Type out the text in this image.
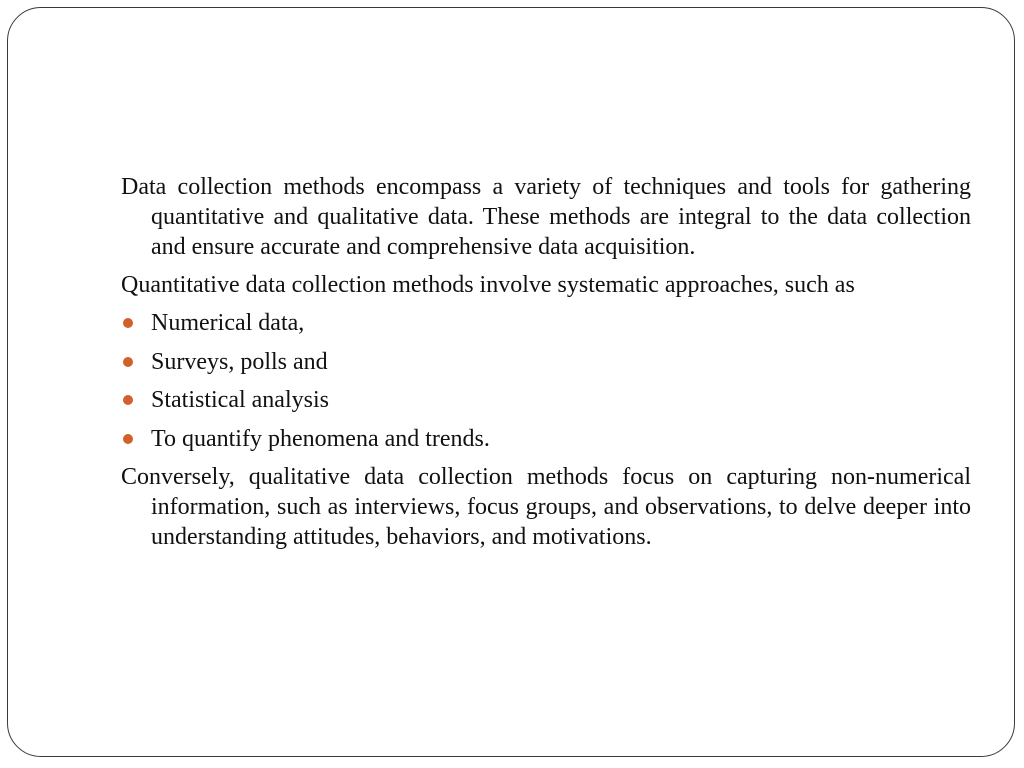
Data collection methods encompass a variety of techniques and tools for gathering quantitative and qualitative data. These methods are integral to the data collection and ensure accurate and comprehensive data acquisition.

Quantitative data collection methods involve systematic approaches, such as

Numerical data,
Surveys, polls and
Statistical analysis
To quantify phenomena and trends.

Conversely, qualitative data collection methods focus on capturing non-numerical information, such as interviews, focus groups, and observations, to delve deeper into understanding attitudes, behaviors, and motivations.
